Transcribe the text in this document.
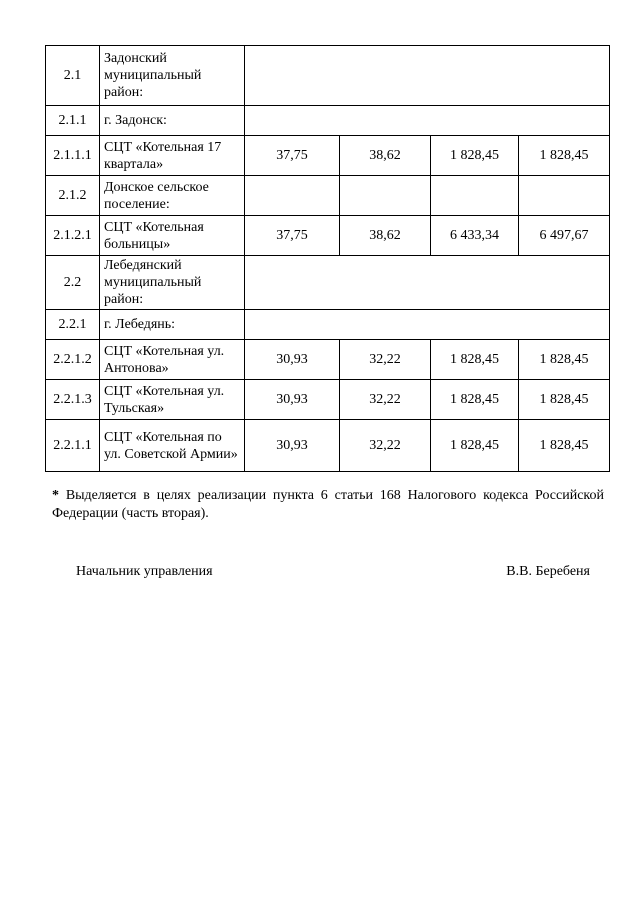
2.1	Задонский муниципальный район:				
2.1.1	г. Задонск:				
2.1.1.1	СЦТ «Котельная 17 квартала»	37,75	38,62	1 828,45	1 828,45
2.1.2	Донское сельское поселение:				
2.1.2.1	СЦТ «Котельная больницы»	37,75	38,62	6 433,34	6 497,67
2.2	Лебедянский муниципальный район:				
2.2.1	г. Лебедянь:				
2.2.1.2	СЦТ «Котельная ул. Антонова»	30,93	32,22	1 828,45	1 828,45
2.2.1.3	СЦТ «Котельная ул. Тульская»	30,93	32,22	1 828,45	1 828,45
2.2.1.1	СЦТ «Котельная по ул. Советской Армии»	30,93	32,22	1 828,45	1 828,45
* Выделяется в целях реализации пункта 6 статьи 168 Налогового кодекса Российской Федерации (часть вторая).
Начальник управления	В.В. Беребеня
